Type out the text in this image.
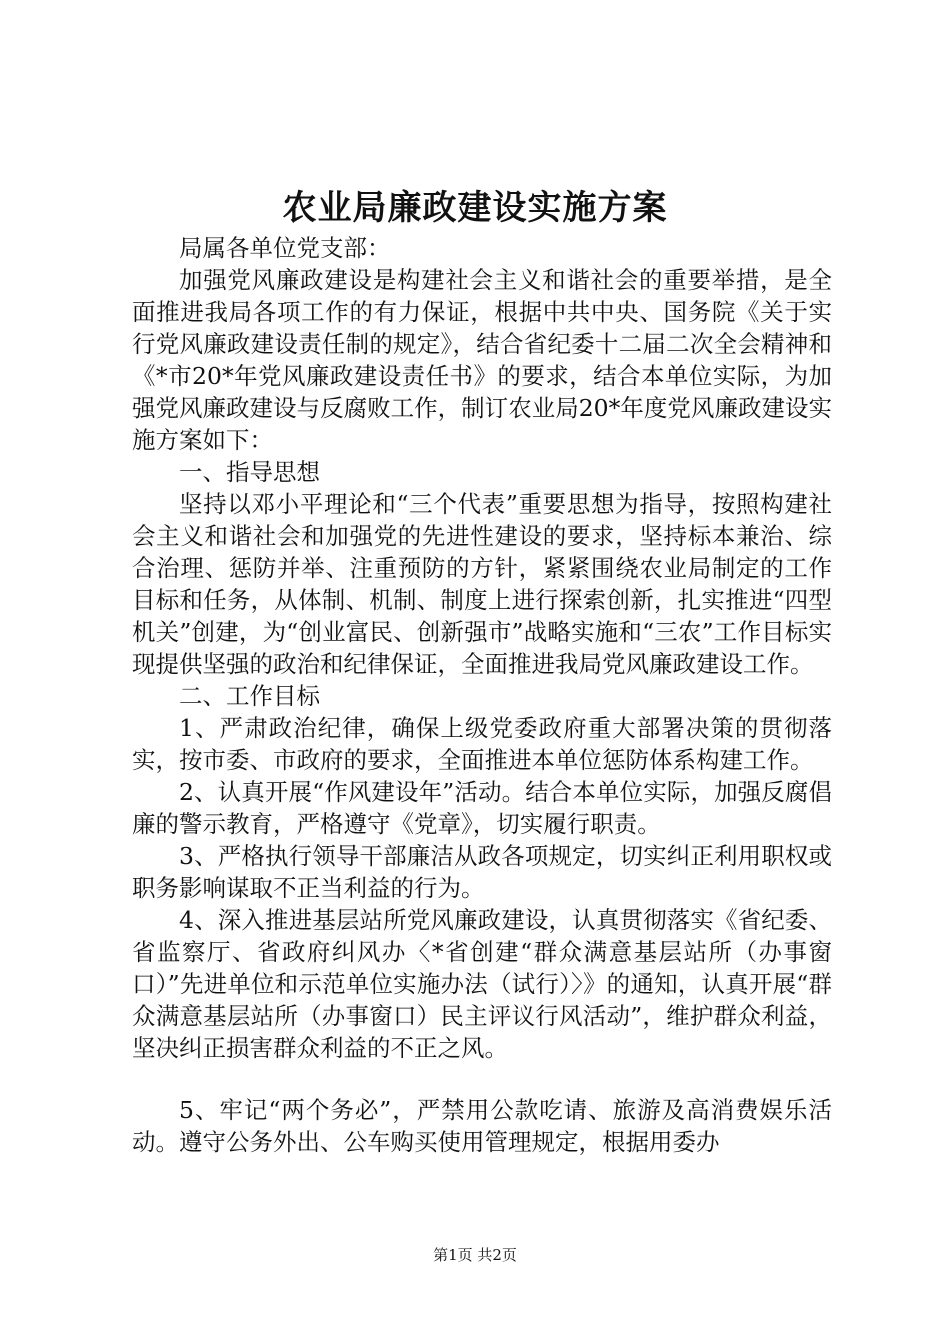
农业局廉政建设实施方案

局属各单位党支部：

加强党风廉政建设是构建社会主义和谐社会的重要举措，是全面推进我局各项工作的有力保证，根据中共中央、国务院《关于实行党风廉政建设责任制的规定》，结合省纪委十二届二次全会精神和《*市20*年党风廉政建设责任书》的要求，结合本单位实际，为加强党风廉政建设与反腐败工作，制订农业局20*年度党风廉政建设实施方案如下：

一、指导思想

坚持以邓小平理论和“三个代表”重要思想为指导，按照构建社会主义和谐社会和加强党的先进性建设的要求，坚持标本兼治、综合治理、惩防并举、注重预防的方针，紧紧围绕农业局制定的工作目标和任务，从体制、机制、制度上进行探索创新，扎实推进“四型机关”创建，为“创业富民、创新强市”战略实施和“三农”工作目标实现提供坚强的政治和纪律保证，全面推进我局党风廉政建设工作。

二、工作目标

1、严肃政治纪律，确保上级党委政府重大部署决策的贯彻落实，按市委、市政府的要求，全面推进本单位惩防体系构建工作。

2、认真开展“作风建设年”活动。结合本单位实际，加强反腐倡廉的警示教育，严格遵守《党章》，切实履行职责。

3、严格执行领导干部廉洁从政各项规定，切实纠正利用职权或职务影响谋取不正当利益的行为。

4、深入推进基层站所党风廉政建设，认真贯彻落实《省纪委、省监察厅、省政府纠风办〈*省创建“群众满意基层站所（办事窗口）”先进单位和示范单位实施办法（试行）〉》的通知，认真开展“群众满意基层站所（办事窗口）民主评议行风活动”，维护群众利益，坚决纠正损害群众利益的不正之风。

5、牢记“两个务必”，严禁用公款吃请、旅游及高消费娱乐活动。遵守公务外出、公车购买使用管理规定，根据用委办

第1页 共2页
